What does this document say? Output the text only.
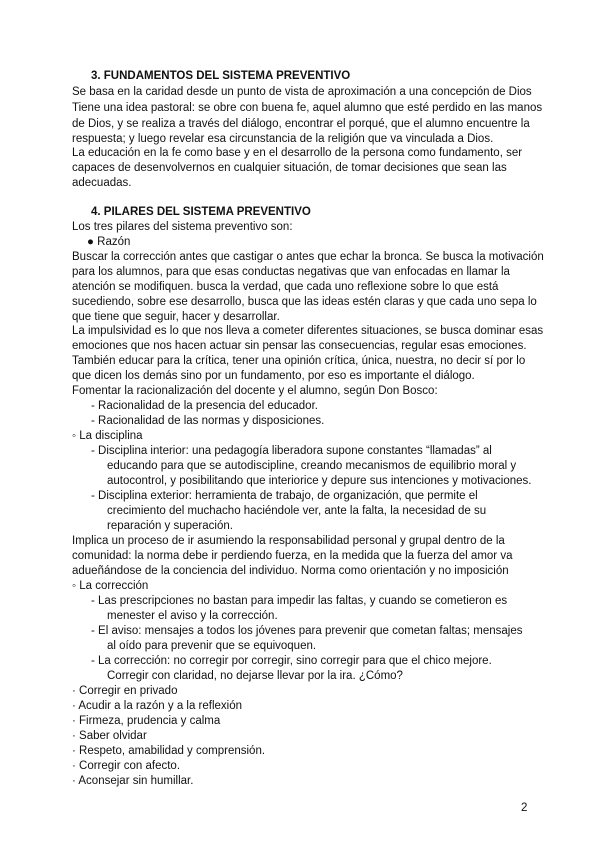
3. FUNDAMENTOS DEL SISTEMA PREVENTIVO
Se basa en la caridad desde un punto de vista de aproximación a una concepción de Dios
Tiene una idea pastoral: se obre con buena fe, aquel alumno que esté perdido en las manos
de Dios, y se realiza a través del diálogo, encontrar el porqué, que el alumno encuentre la
respuesta; y luego revelar esa circunstancia de la religión que va vinculada a Dios.
La educación en la fe como base y en el desarrollo de la persona como fundamento, ser
capaces de desenvolvernos en cualquier situación, de tomar decisiones que sean las
adecuadas.
4. PILARES DEL SISTEMA PREVENTIVO
Los tres pilares del sistema preventivo son:
● Razón
Buscar la corrección antes que castigar o antes que echar la bronca. Se busca la motivación
para los alumnos, para que esas conductas negativas que van enfocadas en llamar la
atención se modifiquen. busca la verdad, que cada uno reflexione sobre lo que está
sucediendo, sobre ese desarrollo, busca que las ideas estén claras y que cada uno sepa lo
que tiene que seguir, hacer y desarrollar.
La impulsividad es lo que nos lleva a cometer diferentes situaciones, se busca dominar esas
emociones que nos hacen actuar sin pensar las consecuencias, regular esas emociones.
También educar para la crítica, tener una opinión crítica, única, nuestra, no decir sí por lo
que dicen los demás sino por un fundamento, por eso es importante el diálogo.
Fomentar la racionalización del docente y el alumno, según Don Bosco:
- Racionalidad de la presencia del educador.
- Racionalidad de las normas y disposiciones.
◦ La disciplina
- Disciplina interior: una pedagogía liberadora supone constantes “llamadas” al
educando para que se autodiscipline, creando mecanismos de equilibrio moral y
autocontrol, y posibilitando que interiorice y depure sus intenciones y motivaciones.
- Disciplina exterior: herramienta de trabajo, de organización, que permite el
crecimiento del muchacho haciéndole ver, ante la falta, la necesidad de su
reparación y superación.
Implica un proceso de ir asumiendo la responsabilidad personal y grupal dentro de la
comunidad: la norma debe ir perdiendo fuerza, en la medida que la fuerza del amor va
adueñándose de la conciencia del individuo. Norma como orientación y no imposición
◦ La corrección
- Las prescripciones no bastan para impedir las faltas, y cuando se cometieron es
menester el aviso y la corrección.
- El aviso: mensajes a todos los jóvenes para prevenir que cometan faltas; mensajes
al oído para prevenir que se equivoquen.
- La corrección: no corregir por corregir, sino corregir para que el chico mejore.
Corregir con claridad, no dejarse llevar por la ira. ¿Cómo?
· Corregir en privado
· Acudir a la razón y a la reflexión
· Firmeza, prudencia y calma
· Saber olvidar
· Respeto, amabilidad y comprensión.
· Corregir con afecto.
· Aconsejar sin humillar.
2
